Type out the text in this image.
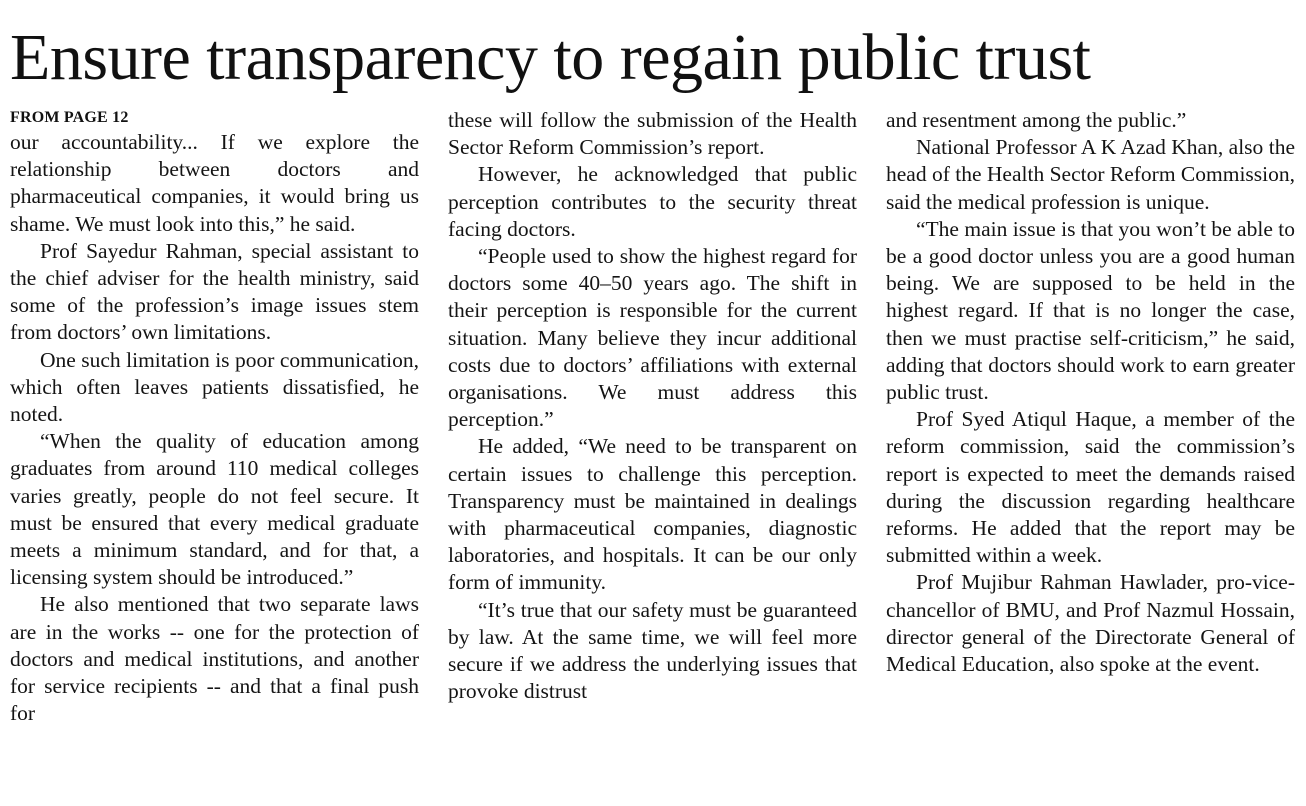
Ensure transparency to regain public trust
FROM PAGE 12

our accountability... If we explore the relationship between doctors and pharmaceutical companies, it would bring us shame. We must look into this,” he said.

Prof Sayedur Rahman, special assistant to the chief adviser for the health ministry, said some of the profession’s image issues stem from doctors’ own limitations.

One such limitation is poor communication, which often leaves patients dissatisfied, he noted.

“When the quality of education among graduates from around 110 medical colleges varies greatly, people do not feel secure. It must be ensured that every medical graduate meets a minimum standard, and for that, a licensing system should be introduced.”

He also mentioned that two separate laws are in the works -- one for the protection of doctors and medical institutions, and another for service recipients -- and that a final push for

these will follow the submission of the Health Sector Reform Commission’s report.

However, he acknowledged that public perception contributes to the security threat facing doctors.

“People used to show the highest regard for doctors some 40–50 years ago. The shift in their perception is responsible for the current situation. Many believe they incur additional costs due to doctors’ affiliations with external organisations. We must address this perception.”

He added, “We need to be transparent on certain issues to challenge this perception. Transparency must be maintained in dealings with pharmaceutical companies, diagnostic laboratories, and hospitals. It can be our only form of immunity.

“It’s true that our safety must be guaranteed by law. At the same time, we will feel more secure if we address the underlying issues that provoke distrust

and resentment among the public.”

National Professor A K Azad Khan, also the head of the Health Sector Reform Commission, said the medical profession is unique.

“The main issue is that you won’t be able to be a good doctor unless you are a good human being. We are supposed to be held in the highest regard. If that is no longer the case, then we must practise self-criticism,” he said, adding that doctors should work to earn greater public trust.

Prof Syed Atiqul Haque, a member of the reform commission, said the commission’s report is expected to meet the demands raised during the discussion regarding healthcare reforms. He added that the report may be submitted within a week.

Prof Mujibur Rahman Hawlader, pro-vice-chancellor of BMU, and Prof Nazmul Hossain, director general of the Directorate General of Medical Education, also spoke at the event.
